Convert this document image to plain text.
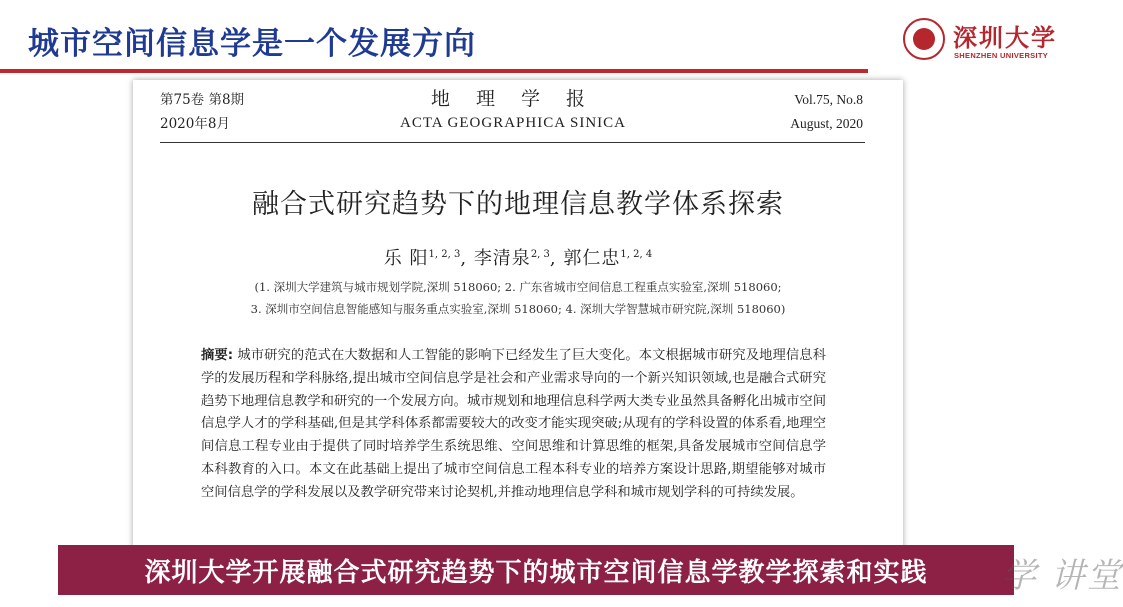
城市空间信息学是一个发展方向	深圳大学
SHENZHEN UNIVERSITY
第75卷 第8期
2020年8月
地 理 学 报
ACTA GEOGRAPHICA SINICA
Vol.75, No.8
August, 2020
融合式研究趋势下的地理信息教学体系探索
乐 阳$^{1, 2, 3}$, 李清泉$^{2, 3}$, 郭仁忠$^{1, 2, 4}$
(1. 深圳大学建筑与城市规划学院,深圳 518060; 2. 广东省城市空间信息工程重点实验室,深圳 518060;
3. 深圳市空间信息智能感知与服务重点实验室,深圳 518060; 4. 深圳大学智慧城市研究院,深圳 518060)
摘要: 城市研究的范式在大数据和人工智能的影响下已经发生了巨大变化。本文根据城市研究及地理信息科学的发展历程和学科脉络,提出城市空间信息学是社会和产业需求导向的一个新兴知识领域,也是融合式研究趋势下地理信息教学和研究的一个发展方向。城市规划和地理信息科学两大类专业虽然具备孵化出城市空间信息学人才的学科基础,但是其学科体系都需要较大的改变才能实现突破;从现有的学科设置的体系看,地理空间信息工程专业由于提供了同时培养学生系统思维、空间思维和计算思维的框架,具备发展城市空间信息学本科教育的入口。本文在此基础上提出了城市空间信息工程本科专业的培养方案设计思路,期望能够对城市空间信息学的学科发展以及教学研究带来讨论契机,并推动地理信息学科和城市规划学科的可持续发展。
深圳大学开展融合式研究趋势下的城市空间信息学教学探索和实践 学 讲堂
